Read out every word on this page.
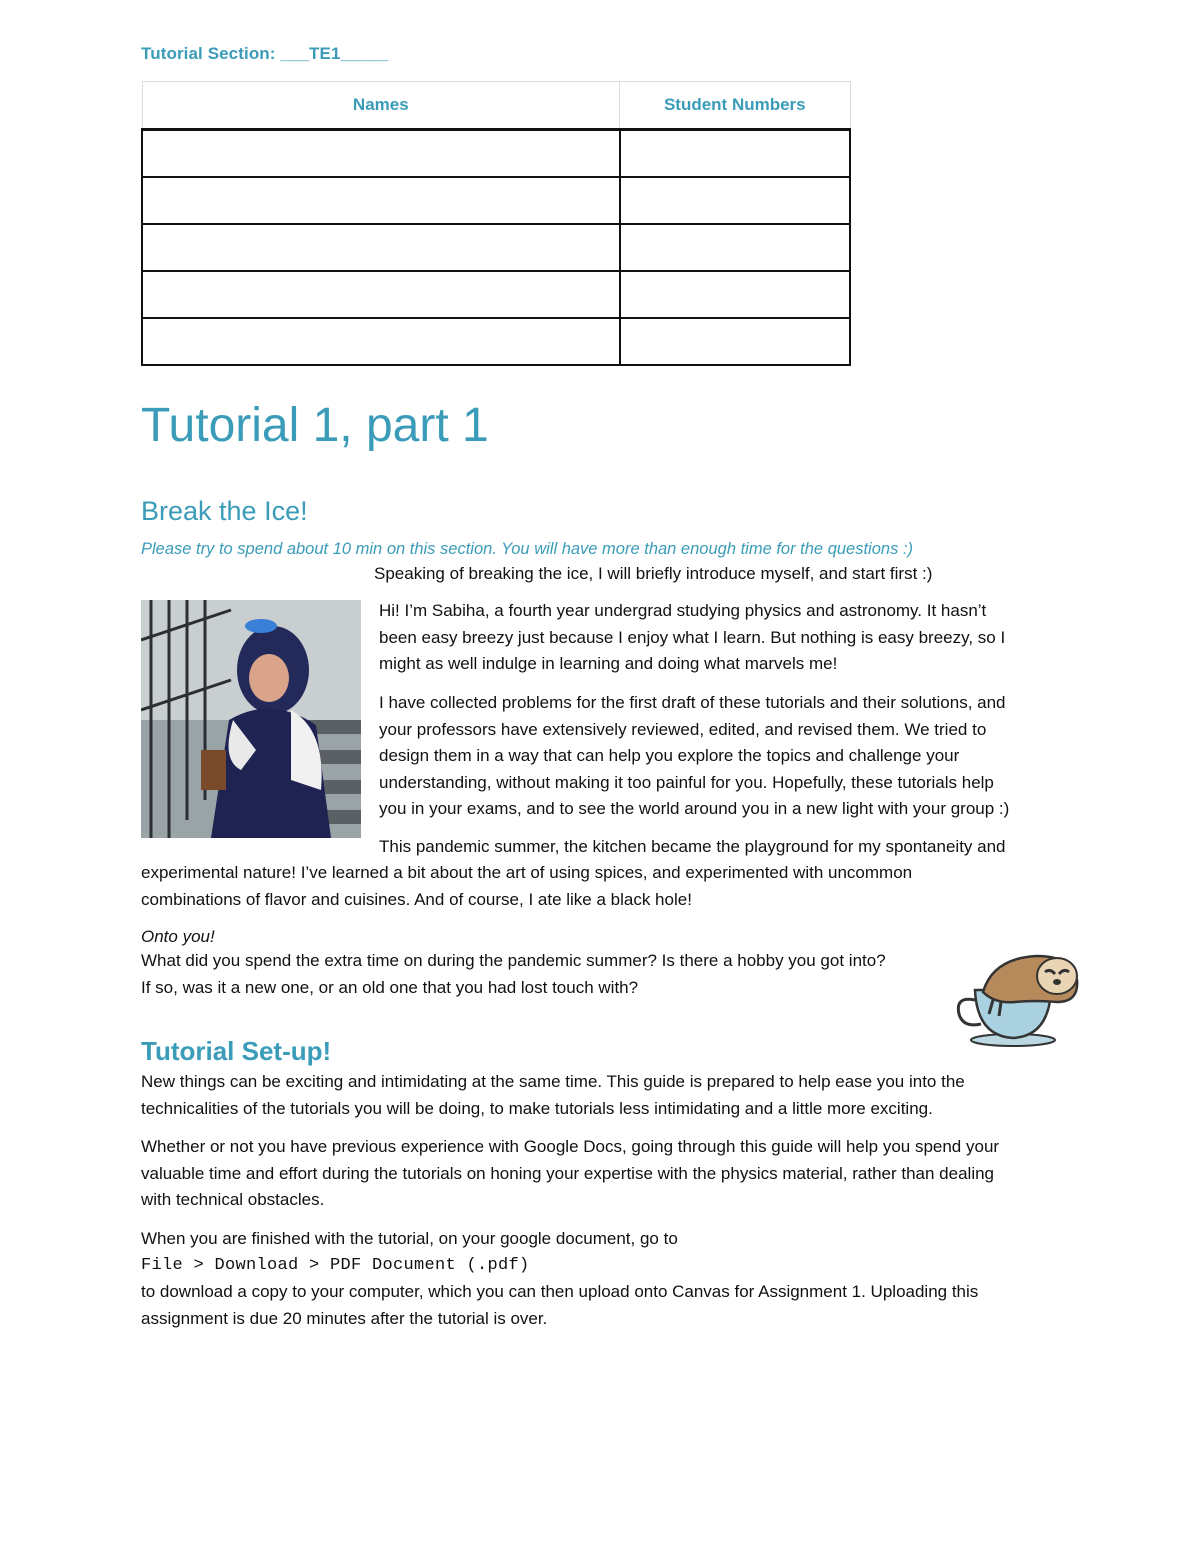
Tutorial Section: ___TE1_____
Names	Student Numbers

Tutorial 1, part 1
Break the Ice!
Please try to spend about 10 min on this section. You will have more than enough time for the questions :)
Speaking of breaking the ice, I will briefly introduce myself, and start first :)
Hi! I’m Sabiha, a fourth year undergrad studying physics and astronomy. It hasn’t
been easy breezy just because I enjoy what I learn. But nothing is easy breezy, so I
might as well indulge in learning and doing what marvels me!
I have collected problems for the first draft of these tutorials and their solutions, and
your professors have extensively reviewed, edited, and revised them. We tried to
design them in a way that can help you explore the topics and challenge your
understanding, without making it too painful for you. Hopefully, these tutorials help
you in your exams, and to see the world around you in a new light with your group :)
This pandemic summer, the kitchen became the playground for my spontaneity and
experimental nature! I’ve learned a bit about the art of using spices, and experimented with uncommon
combinations of flavor and cuisines. And of course, I ate like a black hole!
Onto you!
What did you spend the extra time on during the pandemic summer? Is there a hobby you got into?
If so, was it a new one, or an old one that you had lost touch with?
Tutorial Set-up!
New things can be exciting and intimidating at the same time. This guide is prepared to help ease you into the
technicalities of the tutorials you will be doing, to make tutorials less intimidating and a little more exciting.
Whether or not you have previous experience with Google Docs, going through this guide will help you spend your
valuable time and effort during the tutorials on honing your expertise with the physics material, rather than dealing
with technical obstacles.
When you are finished with the tutorial, on your google document, go to
File > Download > PDF Document (.pdf)
to download a copy to your computer, which you can then upload onto Canvas for Assignment 1. Uploading this
assignment is due 20 minutes after the tutorial is over.
